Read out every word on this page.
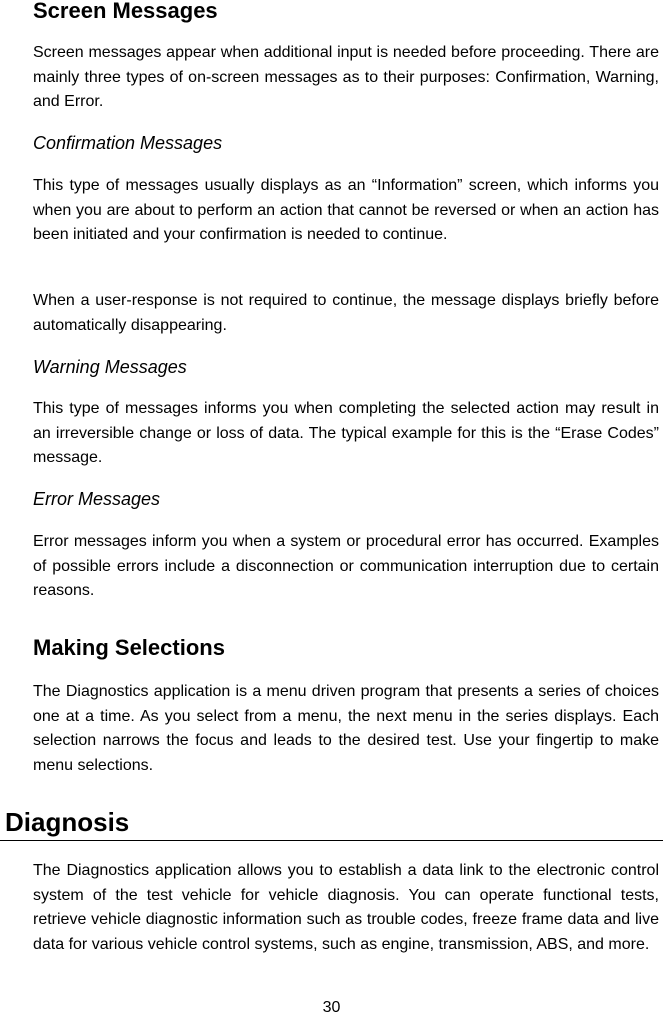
Screen Messages

Screen messages appear when additional input is needed before proceeding. There are mainly three types of on-screen messages as to their purposes: Confirmation, Warning, and Error.

Confirmation Messages

This type of messages usually displays as an “Information” screen, which informs you when you are about to perform an action that cannot be reversed or when an action has been initiated and your confirmation is needed to continue.

When a user-response is not required to continue, the message displays briefly before automatically disappearing.

Warning Messages

This type of messages informs you when completing the selected action may result in an irreversible change or loss of data. The typical example for this is the “Erase Codes” message.

Error Messages

Error messages inform you when a system or procedural error has occurred. Examples of possible errors include a disconnection or communication interruption due to certain reasons.

Making Selections

The Diagnostics application is a menu driven program that presents a series of choices one at a time. As you select from a menu, the next menu in the series displays. Each selection narrows the focus and leads to the desired test. Use your fingertip to make menu selections.

Diagnosis

The Diagnostics application allows you to establish a data link to the electronic control system of the test vehicle for vehicle diagnosis. You can operate functional tests, retrieve vehicle diagnostic information such as trouble codes, freeze frame data and live data for various vehicle control systems, such as engine, transmission, ABS, and more.

30
